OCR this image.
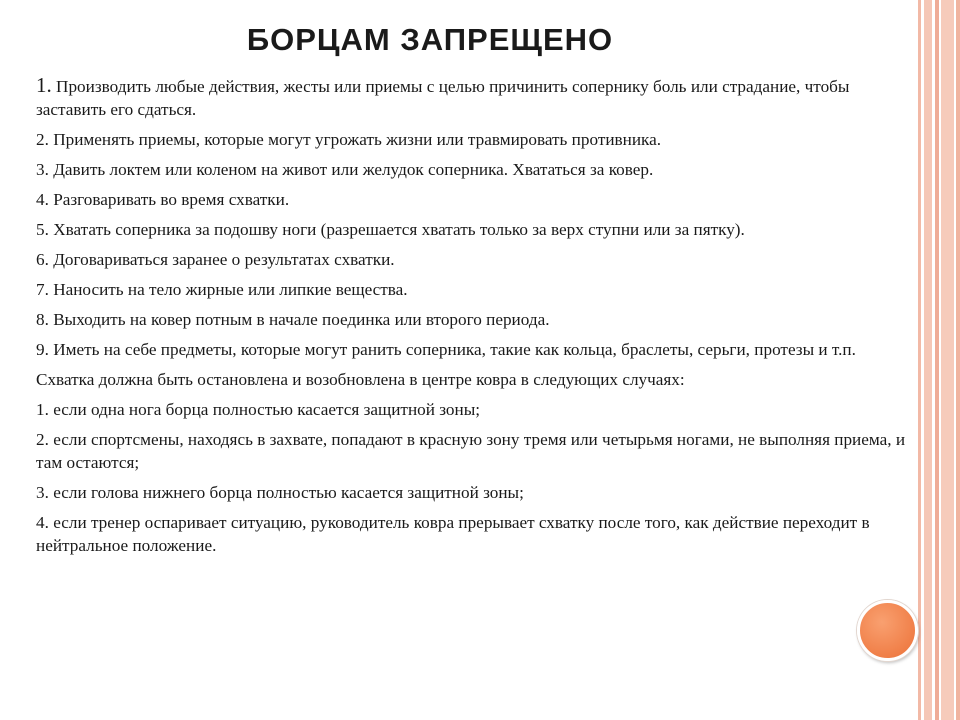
БОРЦАМ ЗАПРЕЩЕНО

1. Производить любые действия, жесты или приемы с целью причинить сопернику боль или страдание, чтобы заставить его сдаться.

2. Применять приемы, которые могут угрожать жизни или травмировать противника.

3. Давить локтем или коленом на живот или желудок соперника. Хвататься за ковер.

4. Разговаривать во время схватки.

5. Хватать соперника за подошву ноги (разрешается хватать только за верх ступни или за пятку).

6. Договариваться заранее о результатах схватки.

7. Наносить на тело жирные или липкие вещества.

8. Выходить на ковер потным в начале поединка или второго периода.

9. Иметь на себе предметы, которые могут ранить соперника, такие как кольца, браслеты, серьги, протезы и т.п.

Схватка должна быть остановлена и возобновлена в центре ковра в следующих случаях:

1. если одна нога борца полностью касается защитной зоны;

2. если спортсмены, находясь в захвате, попадают в красную зону тремя или четырьмя ногами, не выполняя приема, и там остаются;

3. если голова нижнего борца полностью касается защитной зоны;

4. если тренер оспаривает ситуацию, руководитель ковра прерывает схватку после того, как действие переходит в нейтральное положение.
